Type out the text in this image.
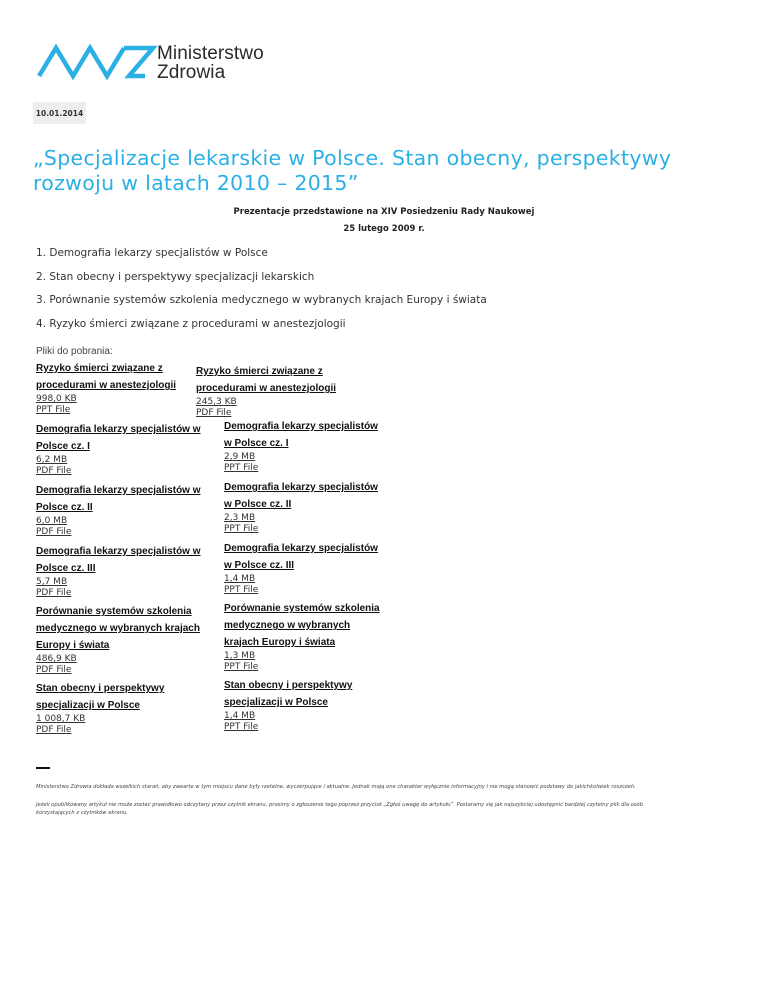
Ministerstwo
Zdrowia
10.01.2014
„Specjalizacje lekarskie w Polsce. Stan obecny, perspektywy rozwoju w latach 2010 – 2015”
Prezentacje przedstawione na XIV Posiedzeniu Rady Naukowej
25 lutego 2009 r.
1. Demografia lekarzy specjalistów w Polsce
2. Stan obecny i perspektywy specjalizacji lekarskich
3. Porównanie systemów szkolenia medycznego w wybranych krajach Europy i świata
4. Ryzyko śmierci związane z procedurami w anestezjologii
Pliki do pobrania:
Ryzyko śmierci związane z procedurami w anestezjologii
998,0 KB
PPT File
Ryzyko śmierci związane z procedurami w anestezjologii
245,3 KB
PDF File
Demografia lekarzy specjalistów w Polsce cz. I
6,2 MB
PDF File
Demografia lekarzy specjalistów w Polsce cz. I
2,9 MB
PPT File
Demografia lekarzy specjalistów w Polsce cz. II
6,0 MB
PDF File
Demografia lekarzy specjalistów w Polsce cz. II
2,3 MB
PPT File
Demografia lekarzy specjalistów w Polsce cz. III
5,7 MB
PDF File
Demografia lekarzy specjalistów w Polsce cz. III
1,4 MB
PPT File
Porównanie systemów szkolenia medycznego w wybranych krajach Europy i świata
486,9 KB
PDF File
Porównanie systemów szkolenia medycznego w wybranych krajach Europy i świata
1,3 MB
PPT File
Stan obecny i perspektywy specjalizacji w Polsce
1 008,7 KB
PDF File
Stan obecny i perspektywy specjalizacji w Polsce
1,4 MB
PPT File

Ministerstwo Zdrowia dokłada wszelkich starań, aby zawarte w tym miejscu dane były rzetelne, wyczerpujące i aktualne. Jednak mają one charakter wyłącznie informacyjny i nie mogą stanowić podstawy do jakichkolwiek roszczeń.

Jeżeli opublikowany artykuł nie może zostać prawidłowo odczytany przez czytnik ekranu, prosimy o zgłoszenie tego poprzez przycisk „Zgłoś uwagę do artykułu”. Postaramy się jak najszybciej udostępnić bardziej czytelny plik dla osób korzystających z czytników ekranu.
